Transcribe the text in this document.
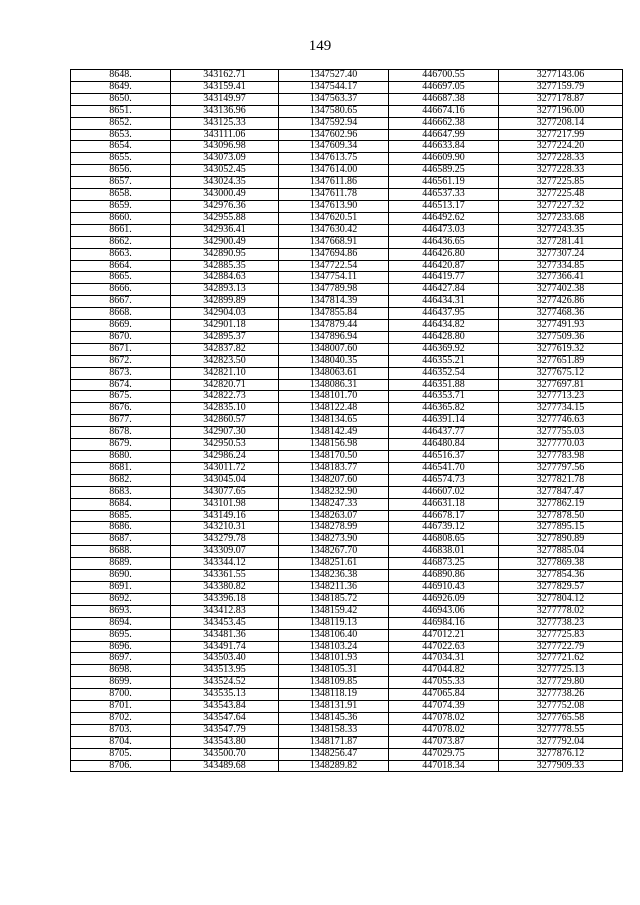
149
8648.	343162.71	1347527.40	446700.55	3277143.06
8649.	343159.41	1347544.17	446697.05	3277159.79
8650.	343149.97	1347563.37	446687.38	3277178.87
8651.	343136.96	1347580.65	446674.16	3277196.00
8652.	343125.33	1347592.94	446662.38	3277208.14
8653.	343111.06	1347602.96	446647.99	3277217.99
8654.	343096.98	1347609.34	446633.84	3277224.20
8655.	343073.09	1347613.75	446609.90	3277228.33
8656.	343052.45	1347614.00	446589.25	3277228.33
8657.	343024.35	1347611.86	446561.19	3277225.85
8658.	343000.49	1347611.78	446537.33	3277225.48
8659.	342976.36	1347613.90	446513.17	3277227.32
8660.	342955.88	1347620.51	446492.62	3277233.68
8661.	342936.41	1347630.42	446473.03	3277243.35
8662.	342900.49	1347668.91	446436.65	3277281.41
8663.	342890.95	1347694.86	446426.80	3277307.24
8664.	342885.35	1347722.54	446420.87	3277334.85
8665.	342884.63	1347754.11	446419.77	3277366.41
8666.	342893.13	1347789.98	446427.84	3277402.38
8667.	342899.89	1347814.39	446434.31	3277426.86
8668.	342904.03	1347855.84	446437.95	3277468.36
8669.	342901.18	1347879.44	446434.82	3277491.93
8670.	342895.37	1347896.94	446428.80	3277509.36
8671.	342837.82	1348007.60	446369.92	3277619.32
8672.	342823.50	1348040.35	446355.21	3277651.89
8673.	342821.10	1348063.61	446352.54	3277675.12
8674.	342820.71	1348086.31	446351.88	3277697.81
8675.	342822.73	1348101.70	446353.71	3277713.23
8676.	342835.10	1348122.48	446365.82	3277734.15
8677.	342860.57	1348134.65	446391.14	3277746.63
8678.	342907.30	1348142.49	446437.77	3277755.03
8679.	342950.53	1348156.98	446480.84	3277770.03
8680.	342986.24	1348170.50	446516.37	3277783.98
8681.	343011.72	1348183.77	446541.70	3277797.56
8682.	343045.04	1348207.60	446574.73	3277821.78
8683.	343077.65	1348232.90	446607.02	3277847.47
8684.	343101.98	1348247.33	446631.18	3277862.19
8685.	343149.16	1348263.07	446678.17	3277878.50
8686.	343210.31	1348278.99	446739.12	3277895.15
8687.	343279.78	1348273.90	446808.65	3277890.89
8688.	343309.07	1348267.70	446838.01	3277885.04
8689.	343344.12	1348251.61	446873.25	3277869.38
8690.	343361.55	1348236.38	446890.86	3277854.36
8691.	343380.82	1348211.36	446910.43	3277829.57
8692.	343396.18	1348185.72	446926.09	3277804.12
8693.	343412.83	1348159.42	446943.06	3277778.02
8694.	343453.45	1348119.13	446984.16	3277738.23
8695.	343481.36	1348106.40	447012.21	3277725.83
8696.	343491.74	1348103.24	447022.63	3277722.79
8697.	343503.40	1348101.93	447034.31	3277721.62
8698.	343513.95	1348105.31	447044.82	3277725.13
8699.	343524.52	1348109.85	447055.33	3277729.80
8700.	343535.13	1348118.19	447065.84	3277738.26
8701.	343543.84	1348131.91	447074.39	3277752.08
8702.	343547.64	1348145.36	447078.02	3277765.58
8703.	343547.79	1348158.33	447078.02	3277778.55
8704.	343543.80	1348171.87	447073.87	3277792.04
8705.	343500.70	1348256.47	447029.75	3277876.12
8706.	343489.68	1348289.82	447018.34	3277909.33
